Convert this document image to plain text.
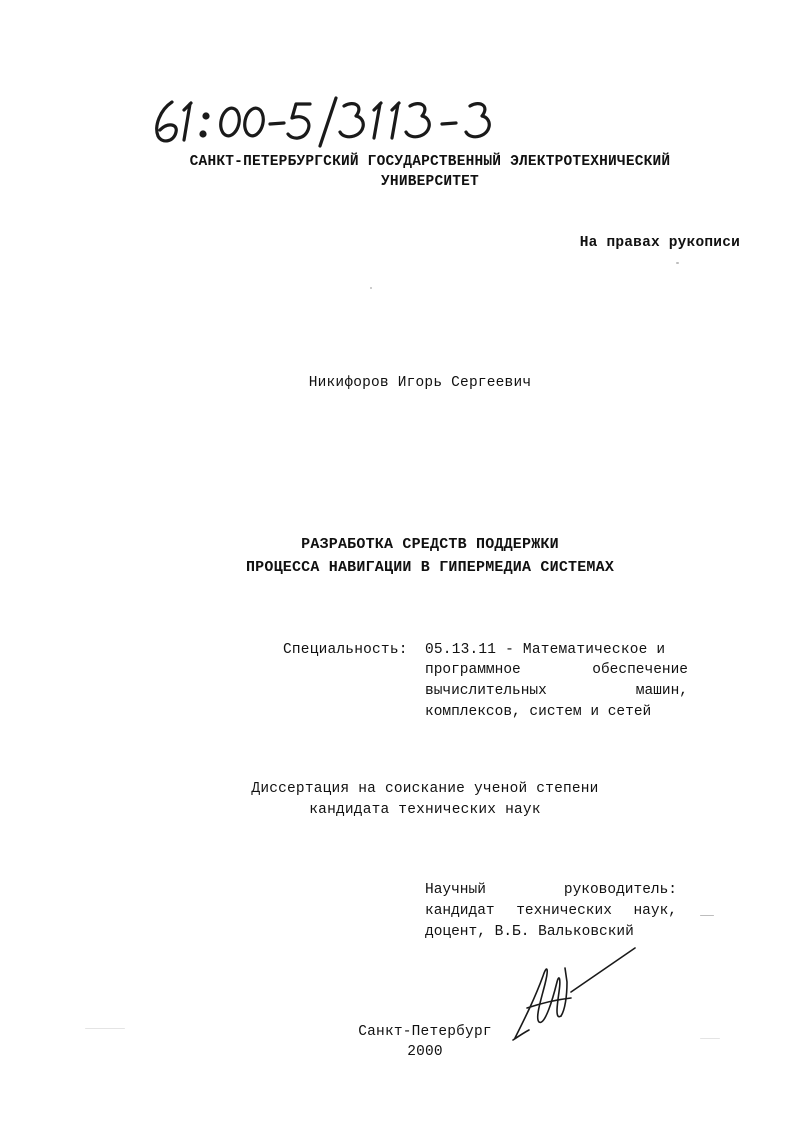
САНКТ-ПЕТЕРБУРГСКИЙ ГОСУДАРСТВЕННЫЙ ЭЛЕКТРОТЕХНИЧЕСКИЙ
УНИВЕРСИТЕТ
На правах рукописи
Никифоров Игорь Сергеевич
РАЗРАБОТКА СРЕДСТВ ПОДДЕРЖКИ
ПРОЦЕССА НАВИГАЦИИ В ГИПЕРМЕДИА СИСТЕМАХ
Специальность: 05.13.11 - Математическое и
программное	обеспечение
вычислительных	машин,
комплексов, систем и сетей
Диссертация на соискание ученой степени
кандидата технических наук
Научный	руководитель:
кандидат технических наук,
доцент, В.Б. Вальковский
Санкт-Петербург
2000
